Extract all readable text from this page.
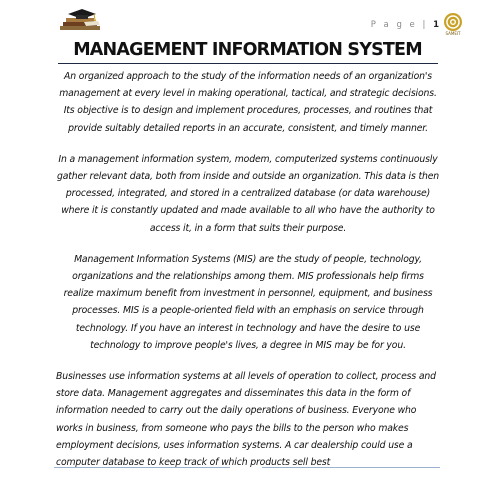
P a g e | 1
SAMEIT
MANAGEMENT INFORMATION SYSTEM

An organized approach to the study of the information needs of an organization's management at every level in making operational, tactical, and strategic decisions. Its objective is to design and implement procedures, processes, and routines that provide suitably detailed reports in an accurate, consistent, and timely manner.

In a management information system, modem, computerized systems continuously gather relevant data, both from inside and outside an organization. This data is then processed, integrated, and stored in a centralized database (or data warehouse) where it is constantly updated and made available to all who have the authority to access it, in a form that suits their purpose.

Management Information Systems (MIS) are the study of people, technology, organizations and the relationships among them. MIS professionals help firms realize maximum benefit from investment in personnel, equipment, and business processes. MIS is a people-oriented field with an emphasis on service through technology. If you have an interest in technology and have the desire to use technology to improve people's lives, a degree in MIS may be for you.

Businesses use information systems at all levels of operation to collect, process and store data. Management aggregates and disseminates this data in the form of information needed to carry out the daily operations of business. Everyone who works in business, from someone who pays the bills to the person who makes employment decisions, uses information systems. A car dealership could use a computer database to keep track of which products sell best
